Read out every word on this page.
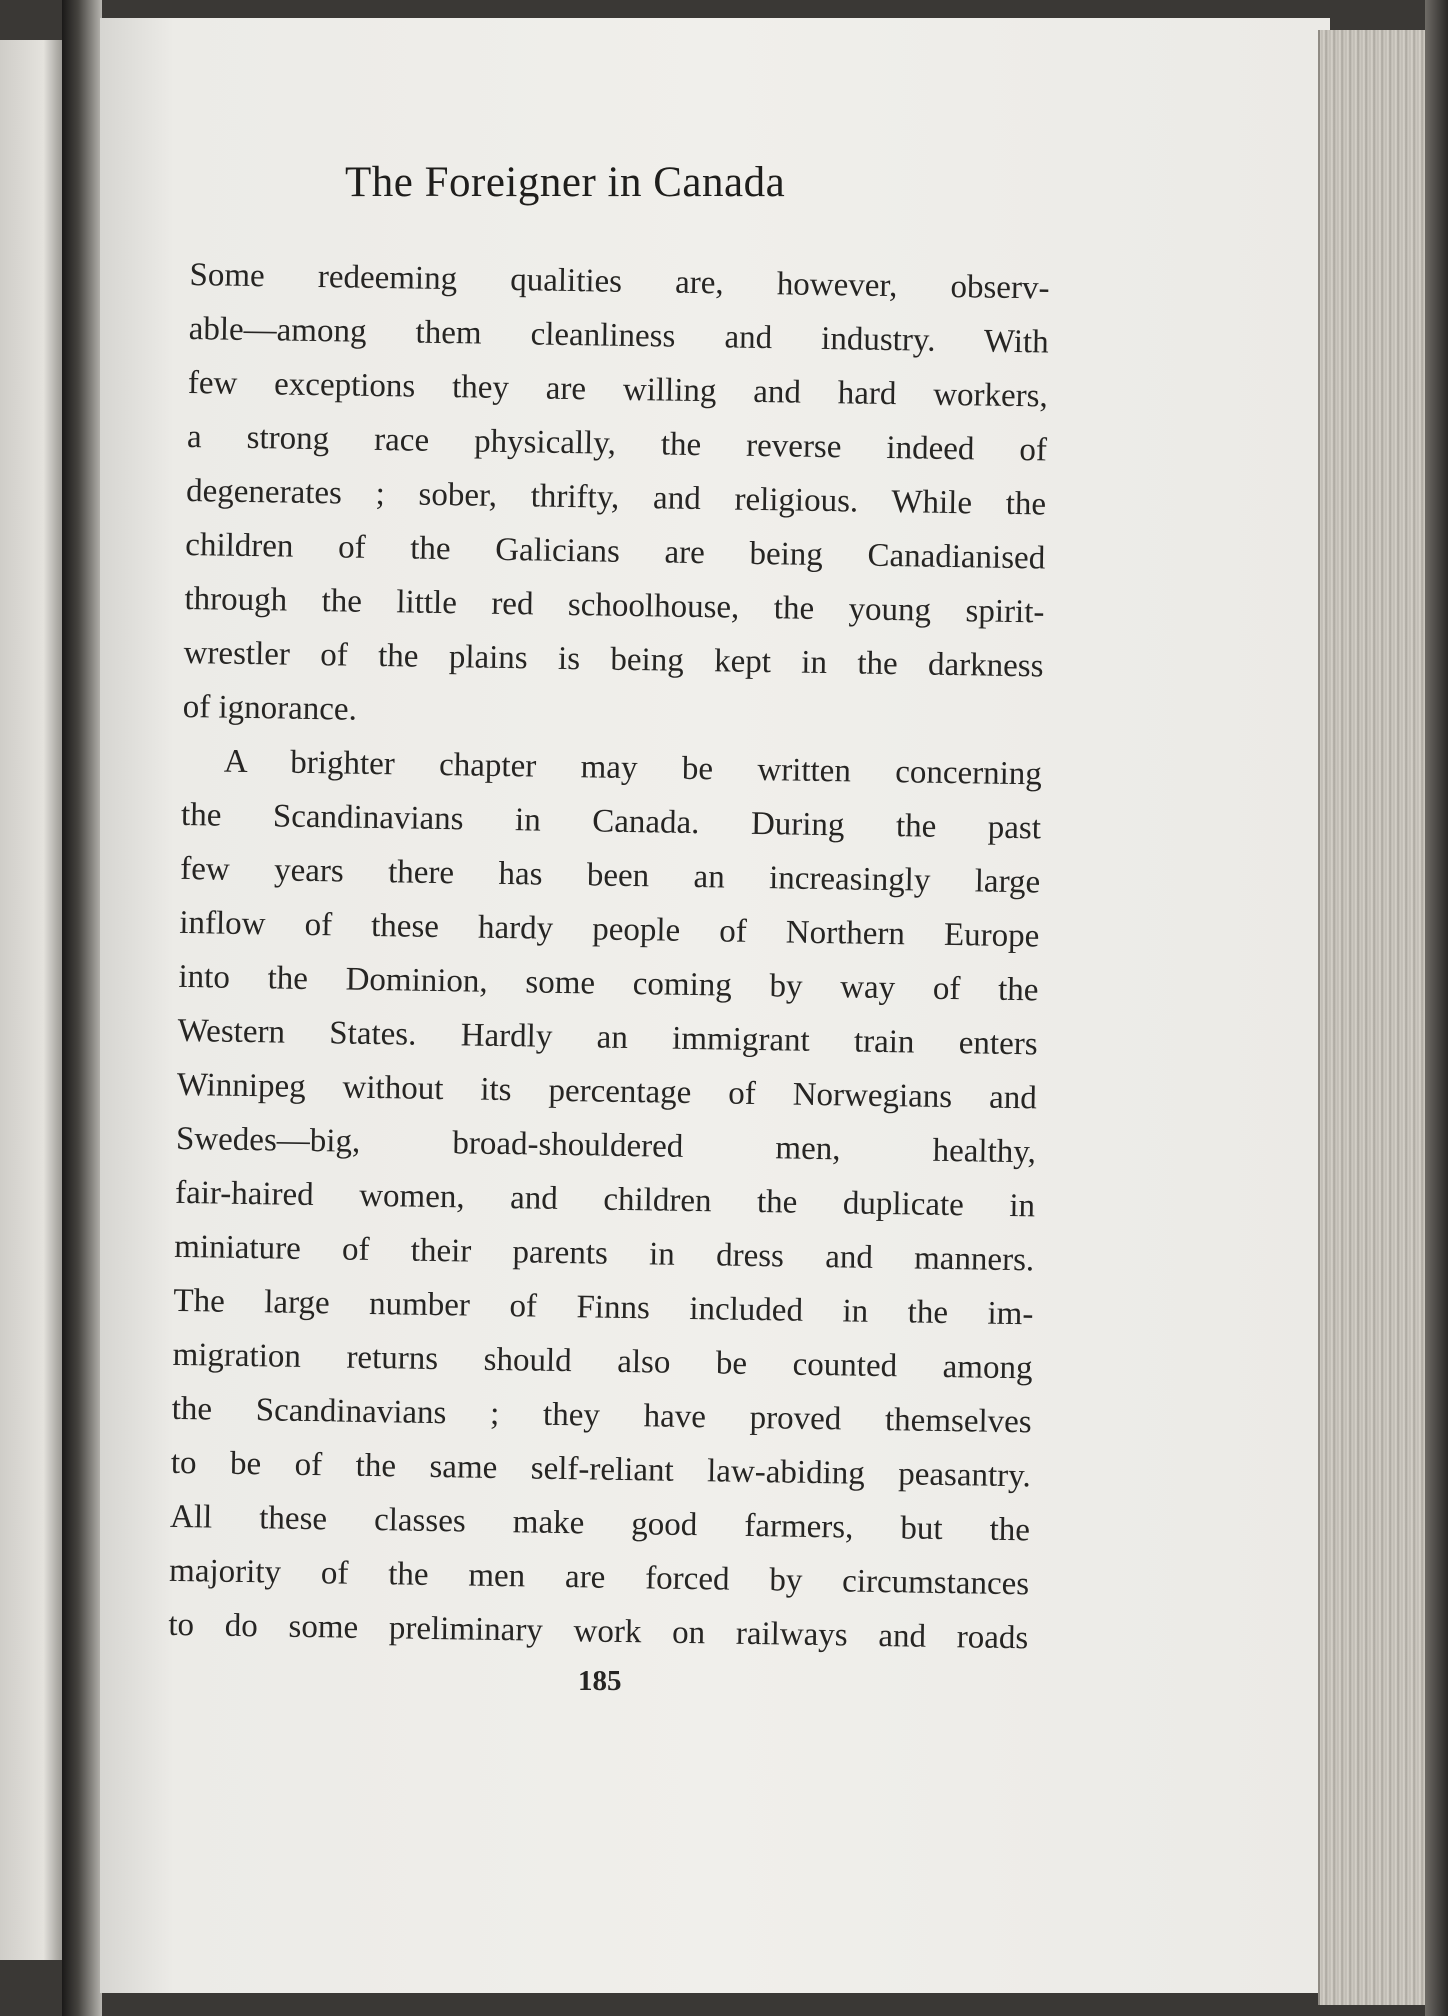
The Foreigner in Canada
Some redeeming qualities are, however, observ-
able—among them cleanliness and industry. With
few exceptions they are willing and hard workers,
a strong race physically, the reverse indeed of
degenerates ; sober, thrifty, and religious. While the
children of the Galicians are being Canadianised
through the little red schoolhouse, the young spirit-
wrestler of the plains is being kept in the darkness
of ignorance.
A brighter chapter may be written concerning
the Scandinavians in Canada. During the past
few years there has been an increasingly large
inflow of these hardy people of Northern Europe
into the Dominion, some coming by way of the
Western States. Hardly an immigrant train enters
Winnipeg without its percentage of Norwegians and
Swedes—big, broad-shouldered men, healthy,
fair-haired women, and children the duplicate in
miniature of their parents in dress and manners.
The large number of Finns included in the im-
migration returns should also be counted among
the Scandinavians ; they have proved themselves
to be of the same self-reliant law-abiding peasantry.
All these classes make good farmers, but the
majority of the men are forced by circumstances
to do some preliminary work on railways and roads
185
